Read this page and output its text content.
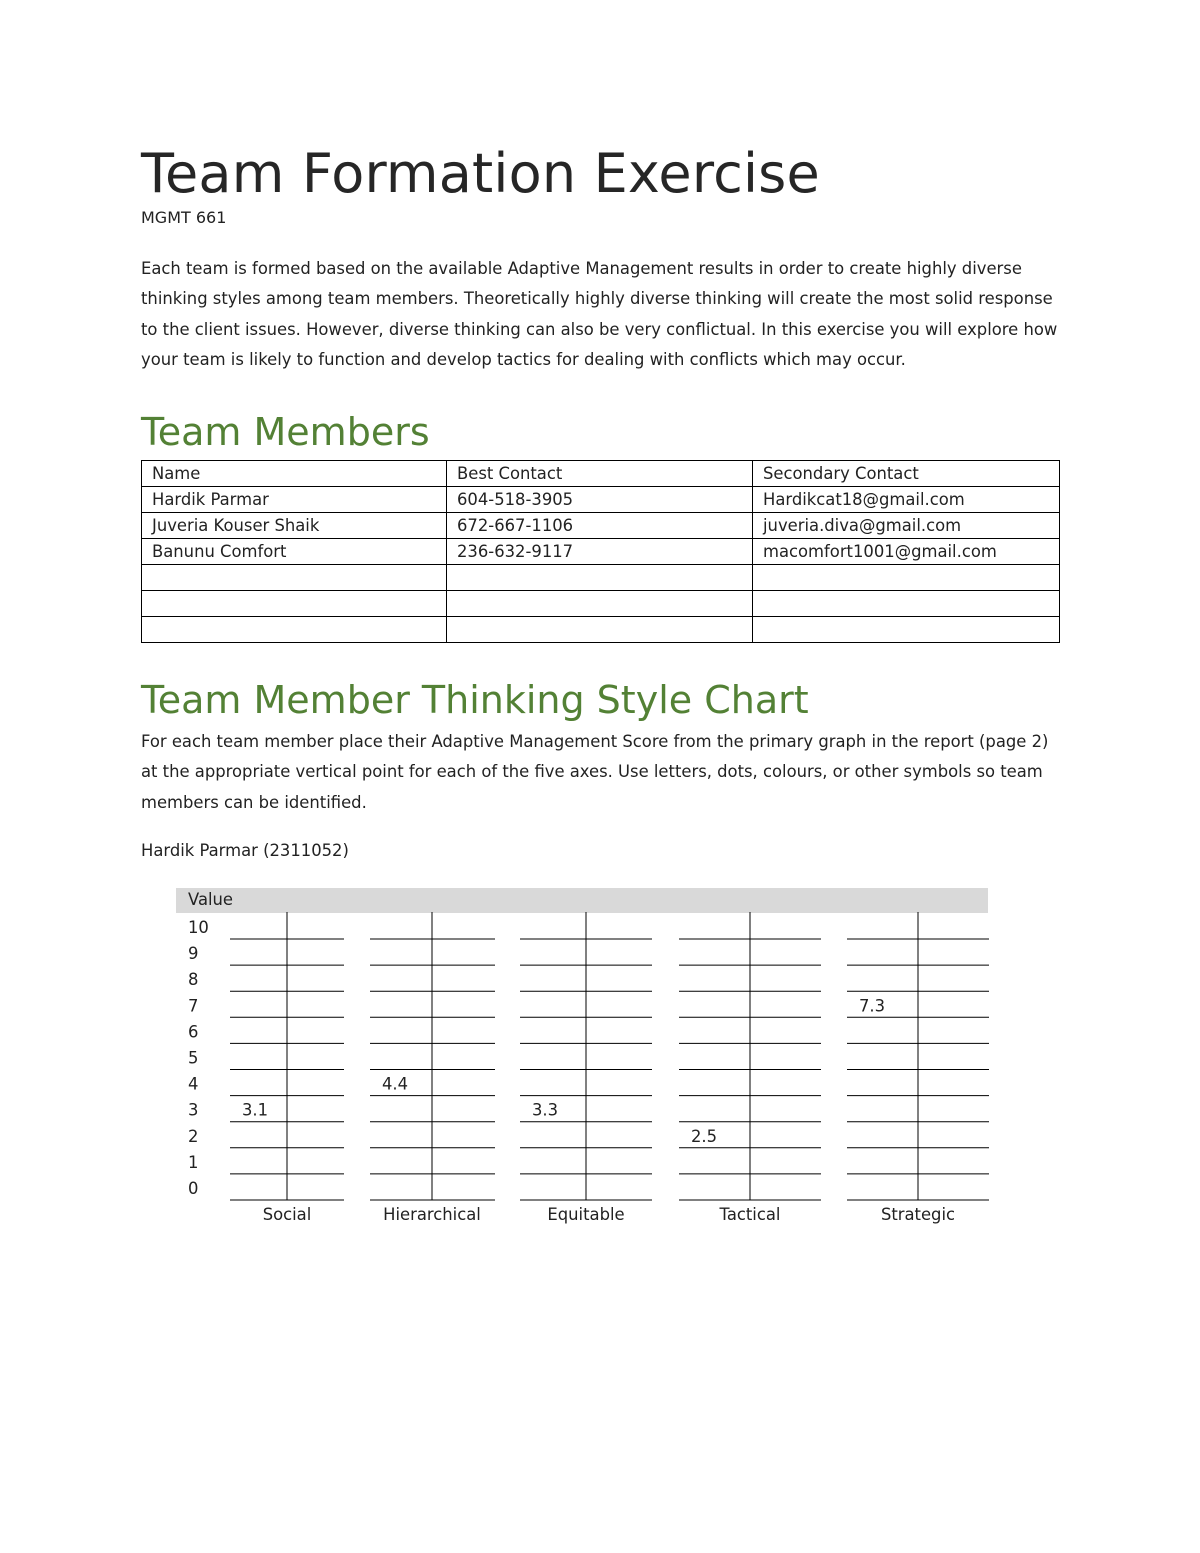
Team Formation Exercise
MGMT 661
Each team is formed based on the available Adaptive Management results in order to create highly diverse thinking styles among team members. Theoretically highly diverse thinking will create the most solid response to the client issues. However, diverse thinking can also be very conflictual. In this exercise you will explore how your team is likely to function and develop tactics for dealing with conflicts which may occur.
Team Members
Name	Best Contact	Secondary Contact
Hardik Parmar	604-518-3905	Hardikcat18@gmail.com
Juveria Kouser Shaik	672-667-1106	juveria.diva@gmail.com
Banunu Comfort	236-632-9117	macomfort1001@gmail.com

Team Member Thinking Style Chart
For each team member place their Adaptive Management Score from the primary graph in the report (page 2) at the appropriate vertical point for each of the five axes. Use letters, dots, colours, or other symbols so team members can be identified.
Hardik Parmar (2311052)
Value
10
9
8
7
6
5
4
3
2
1
0
Social
3.1
Hierarchical
4.4
Equitable
3.3
Tactical
2.5
Strategic
7.3
